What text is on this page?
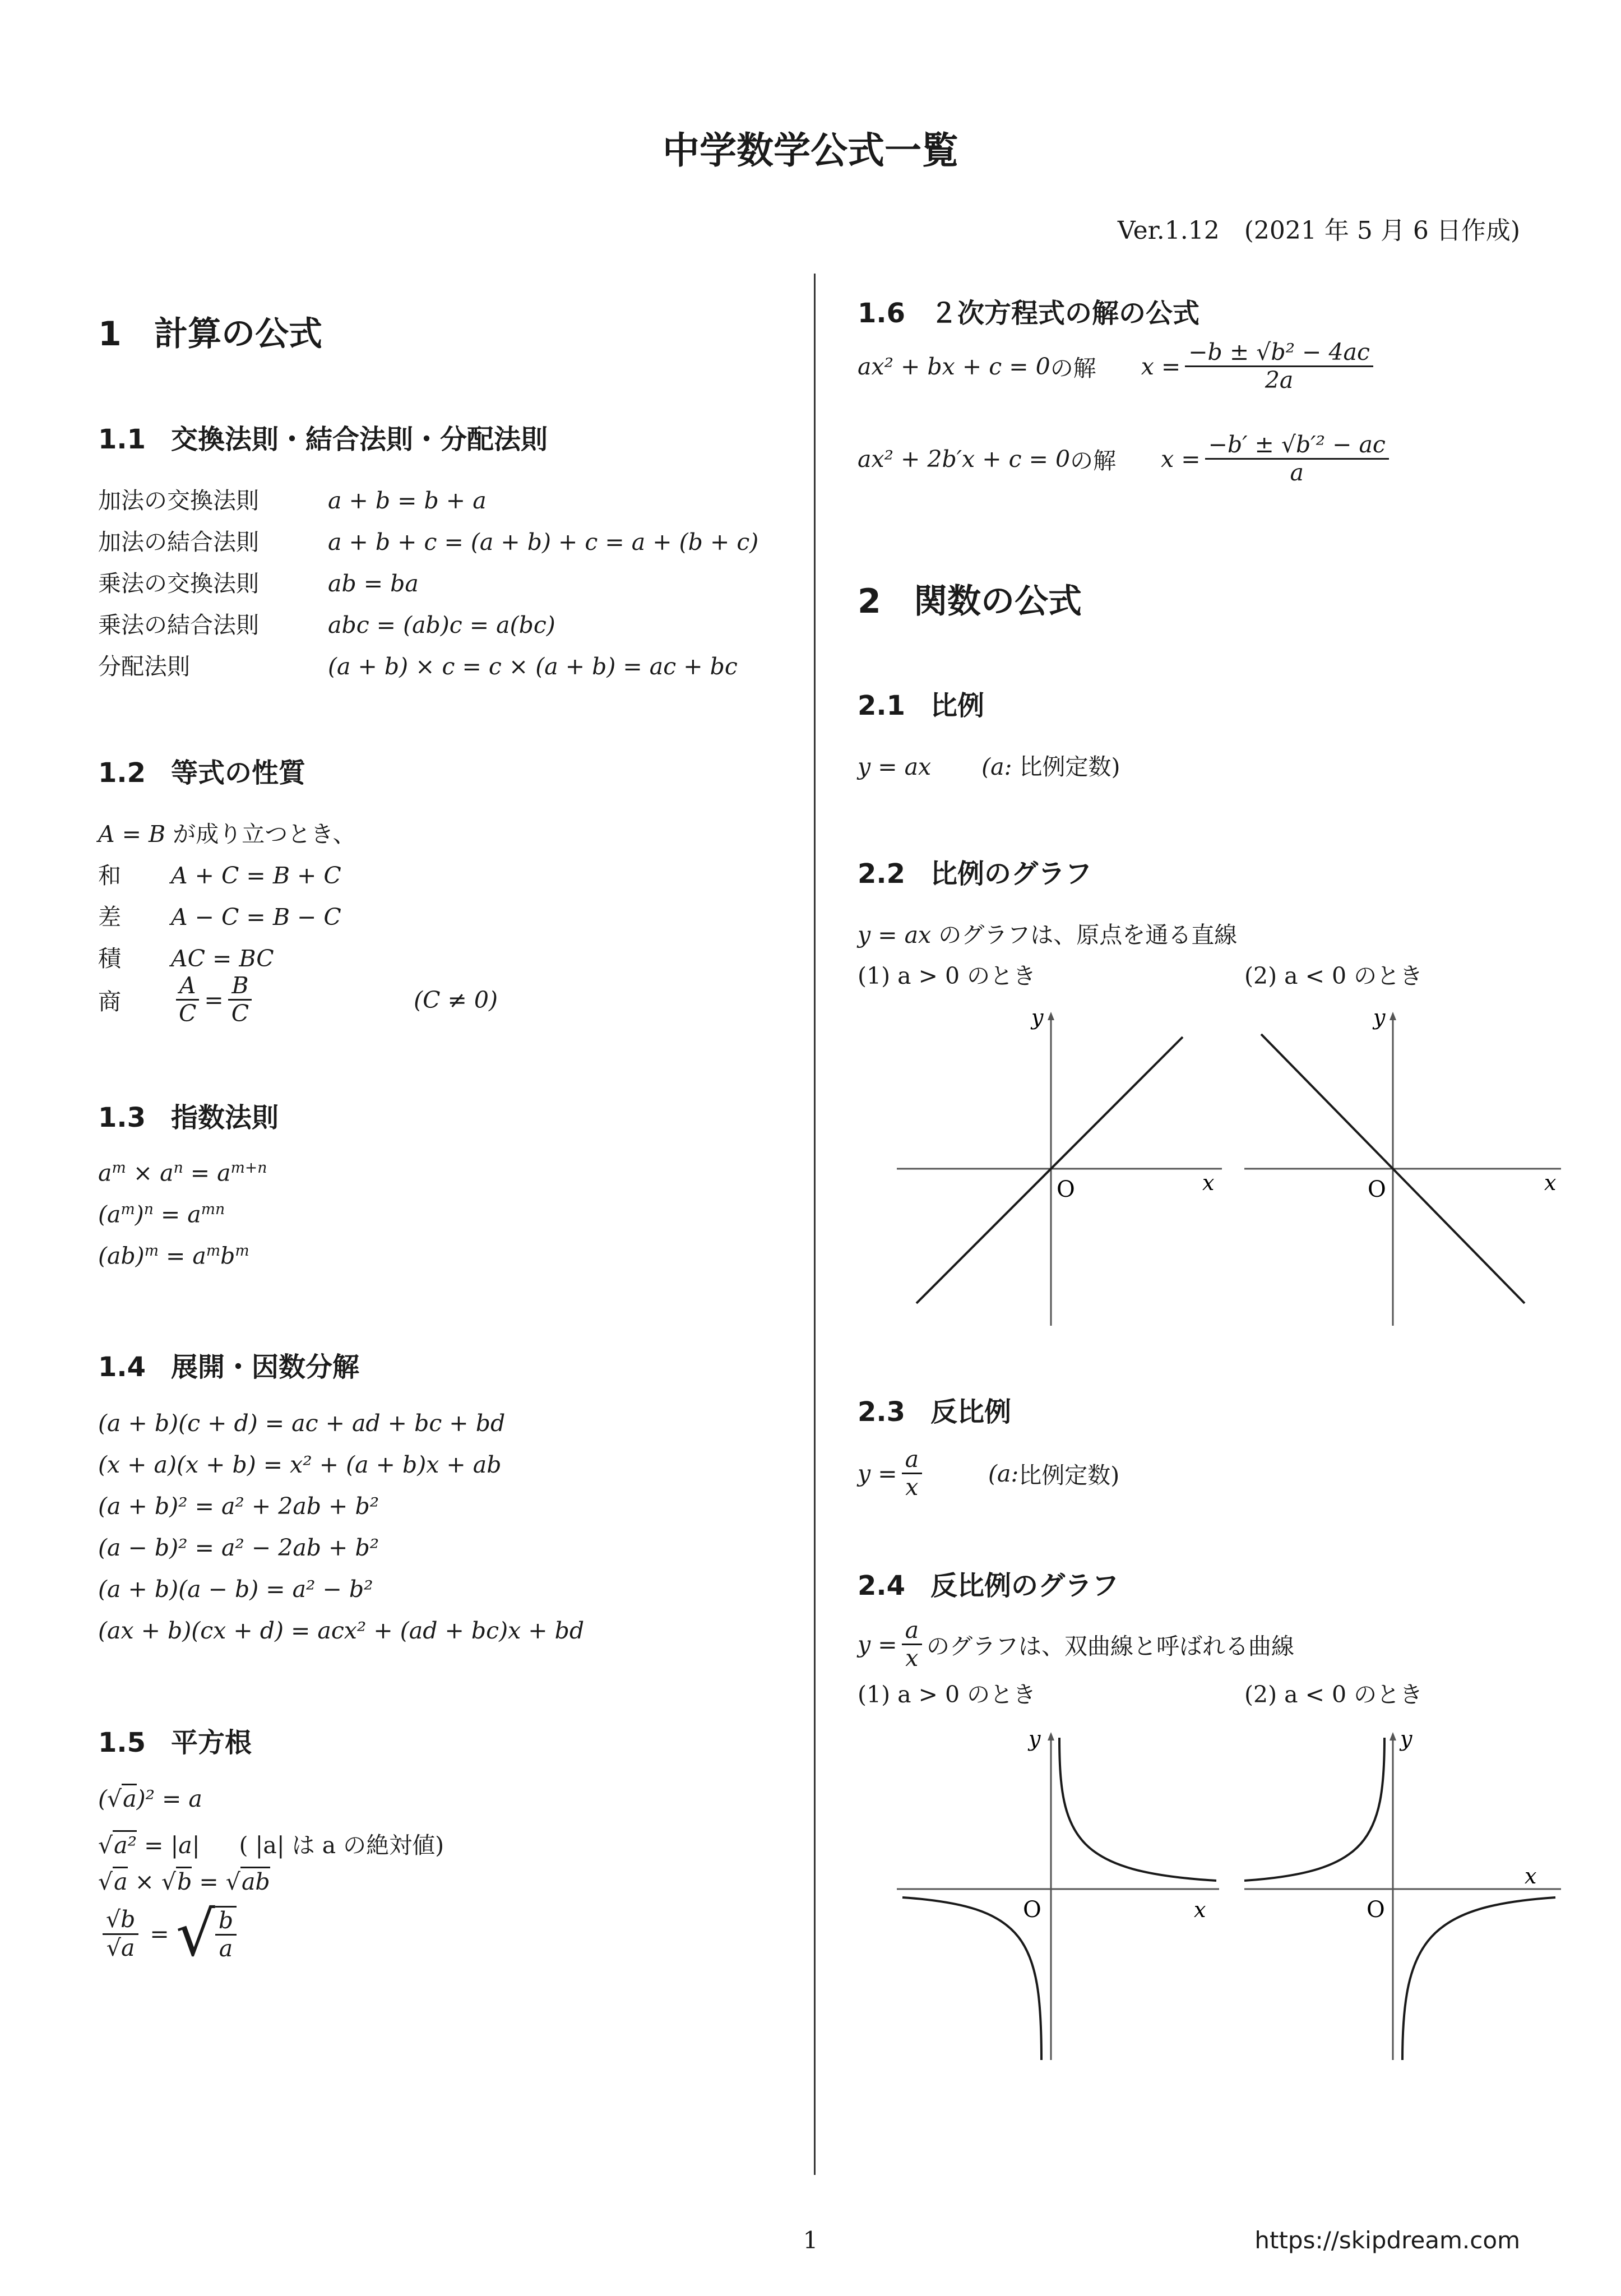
中学数学公式一覧
Ver.1.12　(2021 年 5 月 6 日作成)
1 計算の公式
1.1 交換法則・結合法則・分配法則
加法の交換法則	a + b = b + a
加法の結合法則	a + b + c = (a + b) + c = a + (b + c)
乗法の交換法則	ab = ba
乗法の結合法則	abc = (ab)c = a(bc)
分配法則	(a + b) × c = c × (a + b) = ac + bc
1.2 等式の性質
A = B が成り立つとき、
和 A + C = B + C
差 A − C = B − C
積 AC = BC
商	$\frac{A}{C} = \frac{B}{C}$	(C ≠ 0)
1.3 指数法則
$a^m \times a^n = a^{m+n}$
$(a^m)^n = a^{mn}$
$(ab)^m = a^mb^m$
1.4 展開・因数分解
(a + b)(c + d) = ac + ad + bc + bd
(x + a)(x + b) = x² + (a + b)x + ab
(a + b)² = a² + 2ab + b²
(a − b)² = a² − 2ab + b²
(a + b)(a − b) = a² − b²
(ax + b)(cx + d) = acx² + (ad + bc)x + bd
1.5 平方根
(√a)² = a
√a² = |a| ( |a| は a の絶対値)
√a × √b = √ab
$\frac{√b}{√a}$ = √ $\frac{b}{a}$
1.6 ２次方程式の解の公式
ax² + bx + c = 0 の解 $x = \frac{\text{−b ± √b² − 4ac}}{2a}$
ax² + 2b′x + c = 0 の解 $x = \frac{\text{−b′ ± √b′² − ac}}{a}$
2 関数の公式
2.1 比例
y = ax (a: 比例定数)
2.2 比例のグラフ
y = ax のグラフは、原点を通る直線
(1) a > 0 のとき	(2) a < 0 のとき
y
x
O
y
x
O
2.3 反比例
$y = \frac{a}{x}$	(a: 比例定数)
2.4 反比例のグラフ
$y = \frac{a}{x}$ のグラフは、双曲線と呼ばれる曲線
(1) a > 0 のとき	(2) a < 0 のとき
y
x
O
y
x
O
1	https://skipdream.com
